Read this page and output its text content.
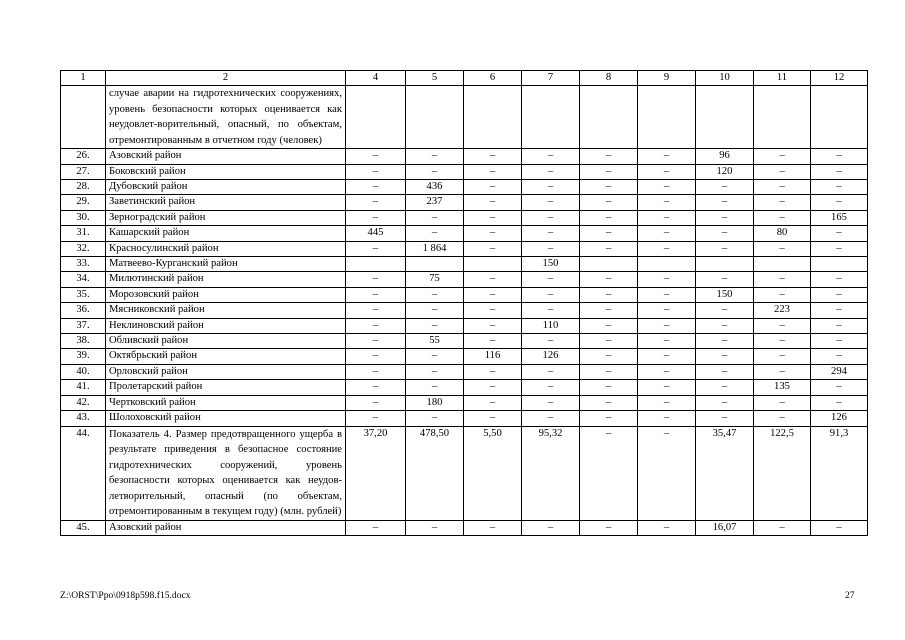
1	2	4	5	6	7	8	9	10	11	12
	случае аварии на гидротехнических сооружениях, уровень безопасности которых оценивается как неудовлет-ворительный, опасный, по объектам, отремонтированным в отчетном году (человек)									
26.	Азовский район	–	–	–	–	–	–	96	–	–
27.	Боковский район	–	–	–	–	–	–	120	–	–
28.	Дубовский район	–	436	–	–	–	–	–	–	–
29.	Заветинский район	–	237	–	–	–	–	–	–	–
30.	Зерноградский район	–	–	–	–	–	–	–	–	165
31.	Кашарский район	445	–	–	–	–	–	–	80	–
32.	Красносулинский район	–	1 864	–	–	–	–	–	–	–
33.	Матвеево-Курганский район				150					
34.	Милютинский район	–	75	–	–	–	–	–	–	–
35.	Морозовский район	–	–	–	–	–	–	150	–	–
36.	Мясниковский район	–	–	–	–	–	–	–	223	–
37.	Неклиновский район	–	–	–	110	–	–	–	–	–
38.	Обливский район	–	55	–	–	–	–	–	–	–
39.	Октябрьский район	–	–	116	126	–	–	–	–	–
40.	Орловский район	–	–	–	–	–	–	–	–	294
41.	Пролетарский район	–	–	–	–	–	–	–	135	–
42.	Чертковский район	–	180	–	–	–	–	–	–	–
43.	Шолоховский район	–	–	–	–	–	–	–	–	126
44.	Показатель 4. Размер предотвращенного ущерба в результате приведения в безопасное состояние гидротехнических сооружений, уровень безопасности которых оценивается как неудов-летворительный, опасный (по объектам, отремонтированным в текущем году) (млн. рублей)	37,20	478,50	5,50	95,32	–	–	35,47	122,5	91,3
45.	Азовский район	–	–	–	–	–	–	16,07	–	–
Z:\ORST\Ppo\0918p598.f15.docx	27
